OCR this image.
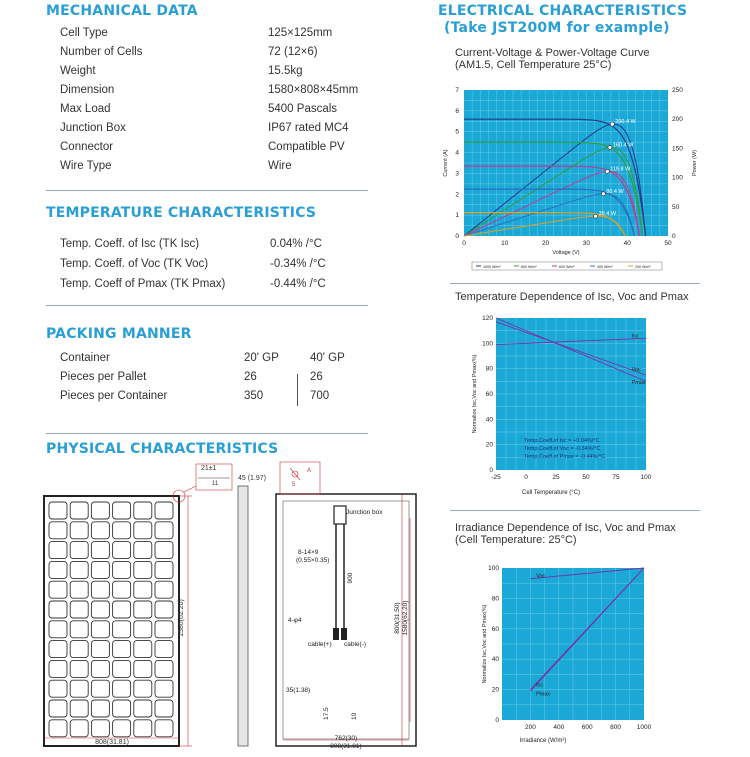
MECHANICAL DATA
Cell Type	125×125mm
Number of Cells	72 (12×6)
Weight	15.5kg
Dimension	1580×808×45mm
Max Load	5400 Pascals
Junction Box	IP67 rated MC4
Connector	Compatible PV
Wire Type	Wire
TEMPERATURE CHARACTERISTICS
Temp. Coeff. of Isc (TK Isc)	0.04% /°C
Temp. Coeff. of Voc (TK Voc)	-0.34% /°C
Temp. Coeff of Pmax (TK Pmax)	-0.44% /°C
PACKING MANNER
Container	20' GP	40' GP
Pieces per Pallet	26	26
Pieces per Container	350	700
PHYSICAL CHARACTERISTICS
1580(62.20)
808(31.81)
21±1
11
45 (1.97)
A
5
Junction box
8-14×9
(0.55×0.35)
900
4-φ4
cable(+) cable(-)
35(1.38)
17.5	10
800(31.50) 1580(62.20)
762(30)
808(31.81)
ELECTRICAL CHARACTERISTICS
(Take JST200M for example)
Current-Voltage & Power-Voltage Curve
(AM1.5, Cell Temperature 25°C)
0
1
2
3
4
5
6
7
0	10	20	30	40	50
0
50
100
150
200
250
Voltage (V)
Current (A)	Power (W)
200.4 W
160.4 W
119.8 W
80.4 W
39.4 W
1000 W/m²	800 W/m²	600 W/m²	400 W/m²	200 W/m²
Temperature Dependence of Isc, Voc and Pmax
0
20
40
60
80
100
120
-25	0	25	50	75	100
Cell Temperature (°C)
Normalize Isc,Voc and Pmax(%)
Isc
Voc
Pmax
Temp.Coeff.of Isc = +0.04%/°C
Temp.Coeff.of Voc = -0.34%/°C
Temp.Coeff.of Pmax = -0.44%/°C
Irradiance Dependence of Isc, Voc and Pmax
(Cell Temperature: 25°C)
0
20
40
60
80
100
200	400	600	800 1000
Irradiance (W/m²)
Normalize Isc,Voc and Pmax(%)
Voc
Isc
Pmax
